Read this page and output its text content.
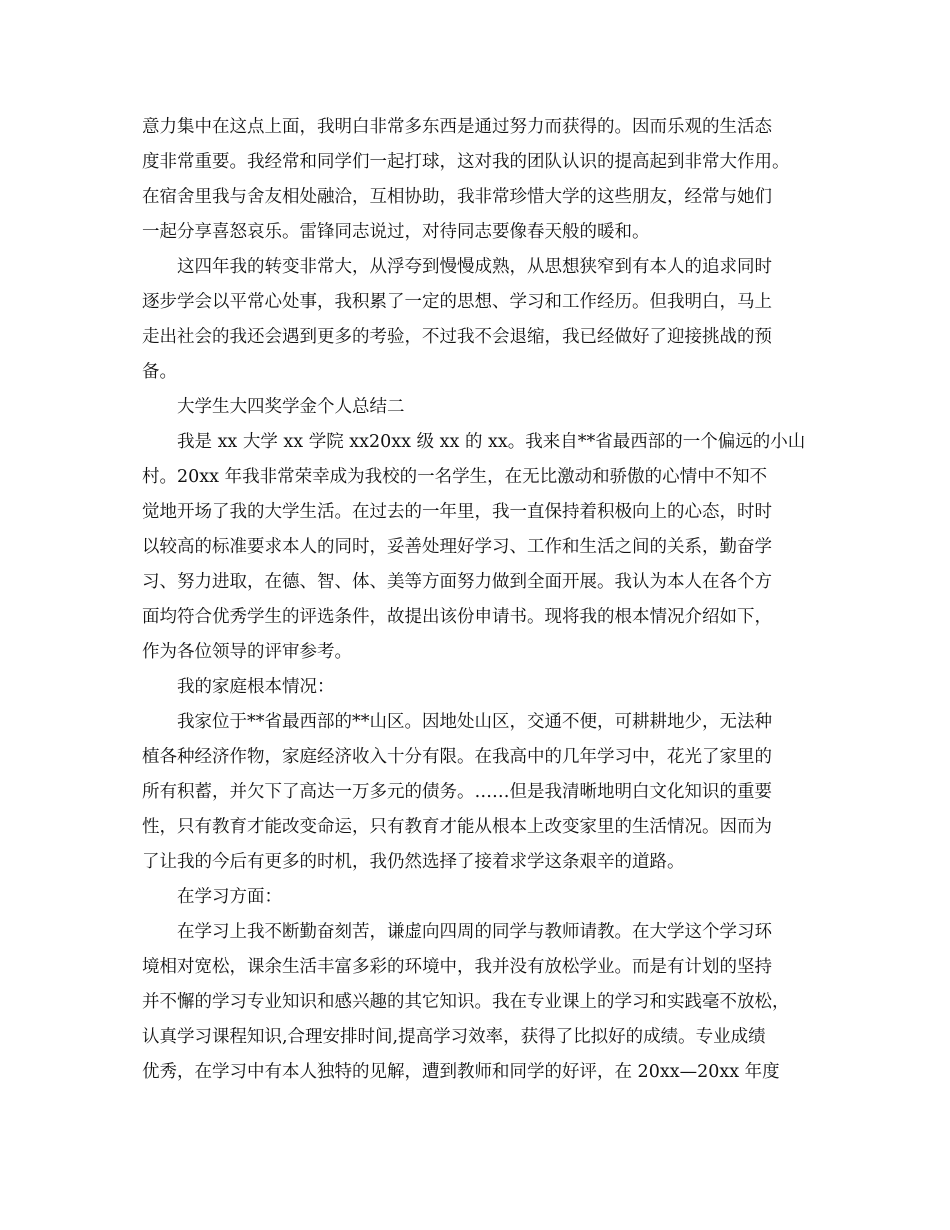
意力集中在这点上面，我明白非常多东西是通过努力而获得的。因而乐观的生活态
度非常重要。我经常和同学们一起打球，这对我的团队认识的提高起到非常大作用。
在宿舍里我与舍友相处融洽，互相协助，我非常珍惜大学的这些朋友，经常与她们
一起分享喜怒哀乐。雷锋同志说过，对待同志要像春天般的暖和。
这四年我的转变非常大，从浮夸到慢慢成熟，从思想狭窄到有本人的追求同时
逐步学会以平常心处事，我积累了一定的思想、学习和工作经历。但我明白，马上
走出社会的我还会遇到更多的考验，不过我不会退缩，我已经做好了迎接挑战的预
备。
大学生大四奖学金个人总结二
我是 xx 大学 xx 学院 xx20xx 级 xx 的 xx。我来自**省最西部的一个偏远的小山
村。20xx 年我非常荣幸成为我校的一名学生，在无比激动和骄傲的心情中不知不
觉地开场了我的大学生活。在过去的一年里，我一直保持着积极向上的心态，时时
以较高的标准要求本人的同时，妥善处理好学习、工作和生活之间的关系，勤奋学
习、努力进取，在德、智、体、美等方面努力做到全面开展。我认为本人在各个方
面均符合优秀学生的评选条件，故提出该份申请书。现将我的根本情况介绍如下，
作为各位领导的评审参考。
我的家庭根本情况：
我家位于**省最西部的**山区。因地处山区，交通不便，可耕耕地少，无法种
植各种经济作物，家庭经济收入十分有限。在我高中的几年学习中，花光了家里的
所有积蓄，并欠下了高达一万多元的债务。……但是我清晰地明白文化知识的重要
性，只有教育才能改变命运，只有教育才能从根本上改变家里的生活情况。因而为
了让我的今后有更多的时机，我仍然选择了接着求学这条艰辛的道路。
在学习方面：
在学习上我不断勤奋刻苦，谦虚向四周的同学与教师请教。在大学这个学习环
境相对宽松，课余生活丰富多彩的环境中，我并没有放松学业。而是有计划的坚持
并不懈的学习专业知识和感兴趣的其它知识。我在专业课上的学习和实践毫不放松，
认真学习课程知识,合理安排时间,提高学习效率，获得了比拟好的成绩。专业成绩
优秀，在学习中有本人独特的见解，遭到教师和同学的好评，在 20xx—20xx 年度
